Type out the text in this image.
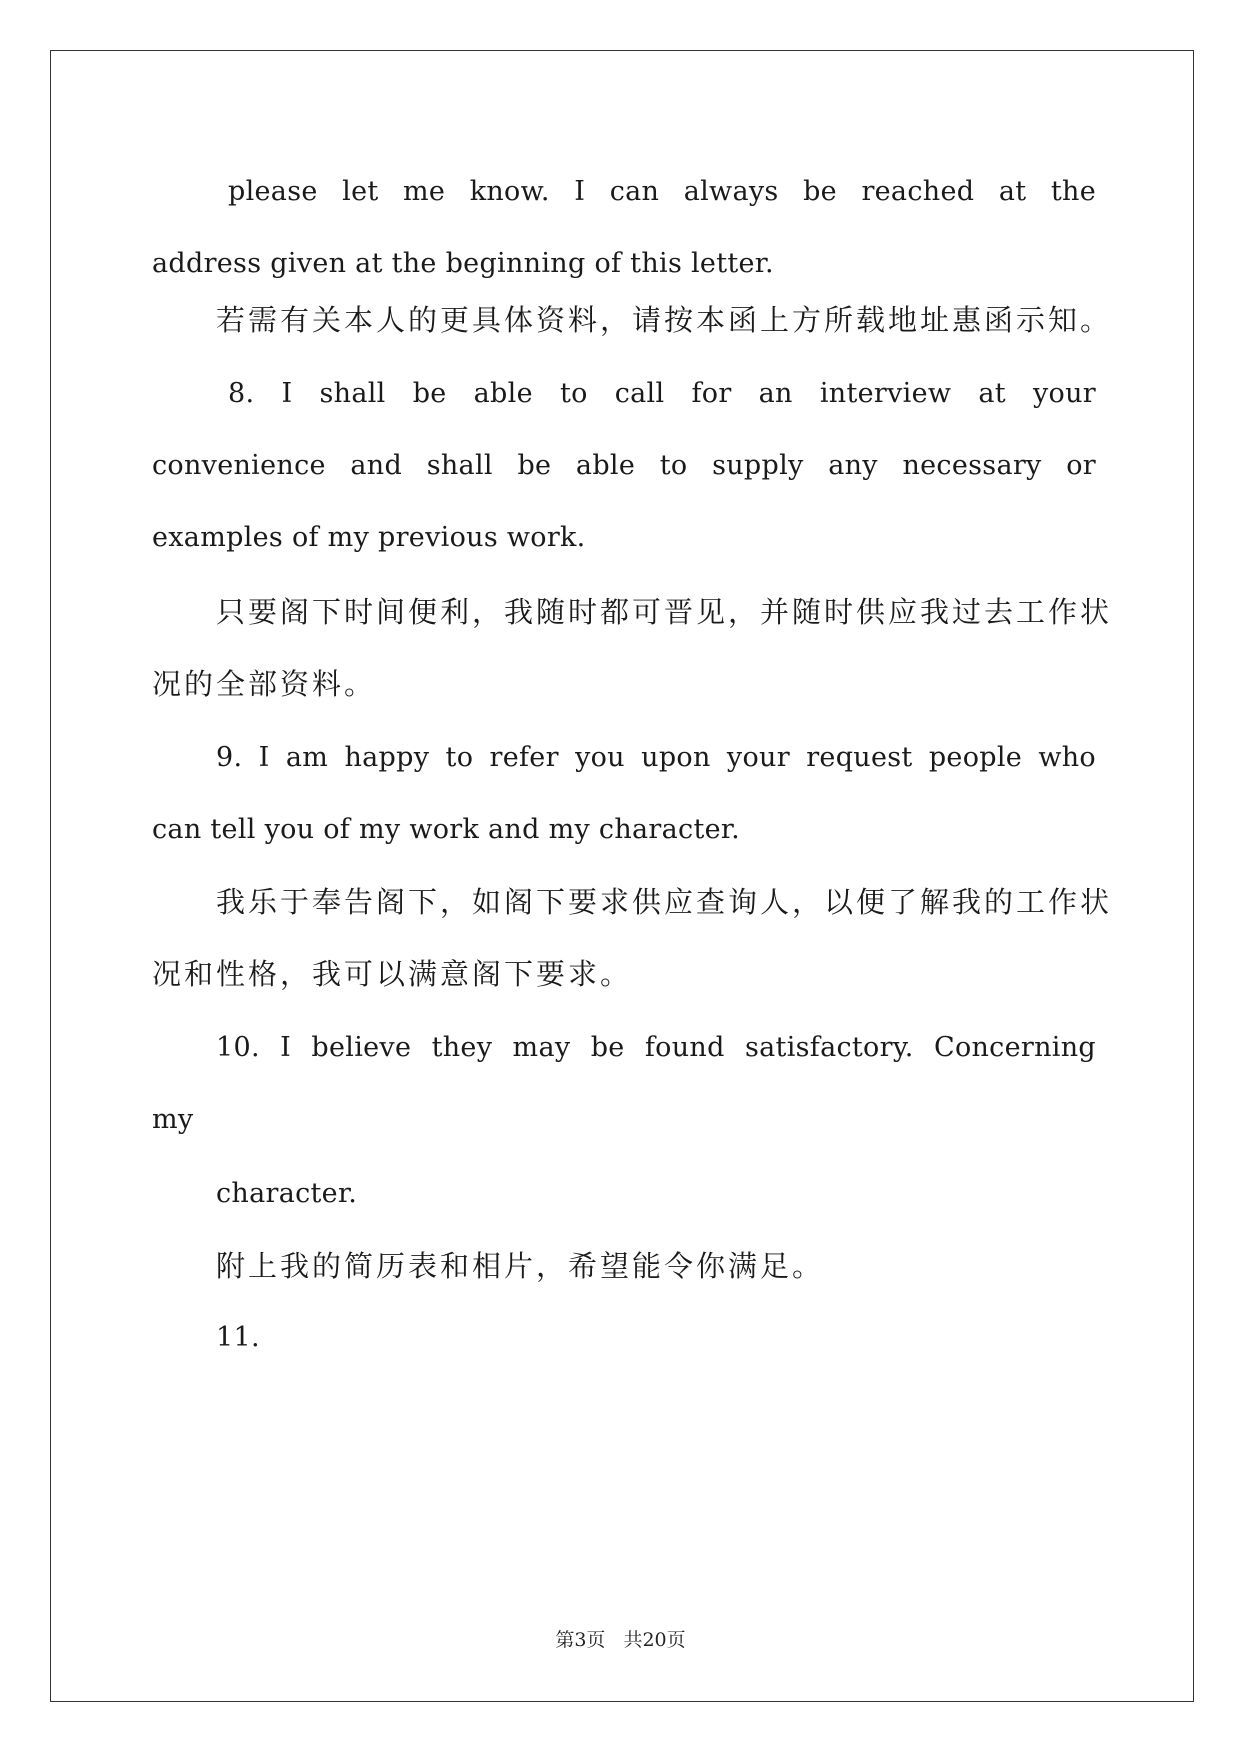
please let me know. I can always be reached at the
address given at the beginning of this letter.
若需有关本人的更具体资料，请按本函上方所载地址惠函示知。
8. I shall be able to call for an interview at your
convenience and shall be able to supply any necessary or
examples of my previous work.
只要阁下时间便利，我随时都可晋见，并随时供应我过去工作状
况的全部资料。
9. I am happy to refer you upon your request people who
can tell you of my work and my character.
我乐于奉告阁下，如阁下要求供应查询人，以便了解我的工作状
况和性格，我可以满意阁下要求。
10. I believe they may be found satisfactory. Concerning
my
character.
附上我的简历表和相片，希望能令你满足。
11.
第3页 共20页
